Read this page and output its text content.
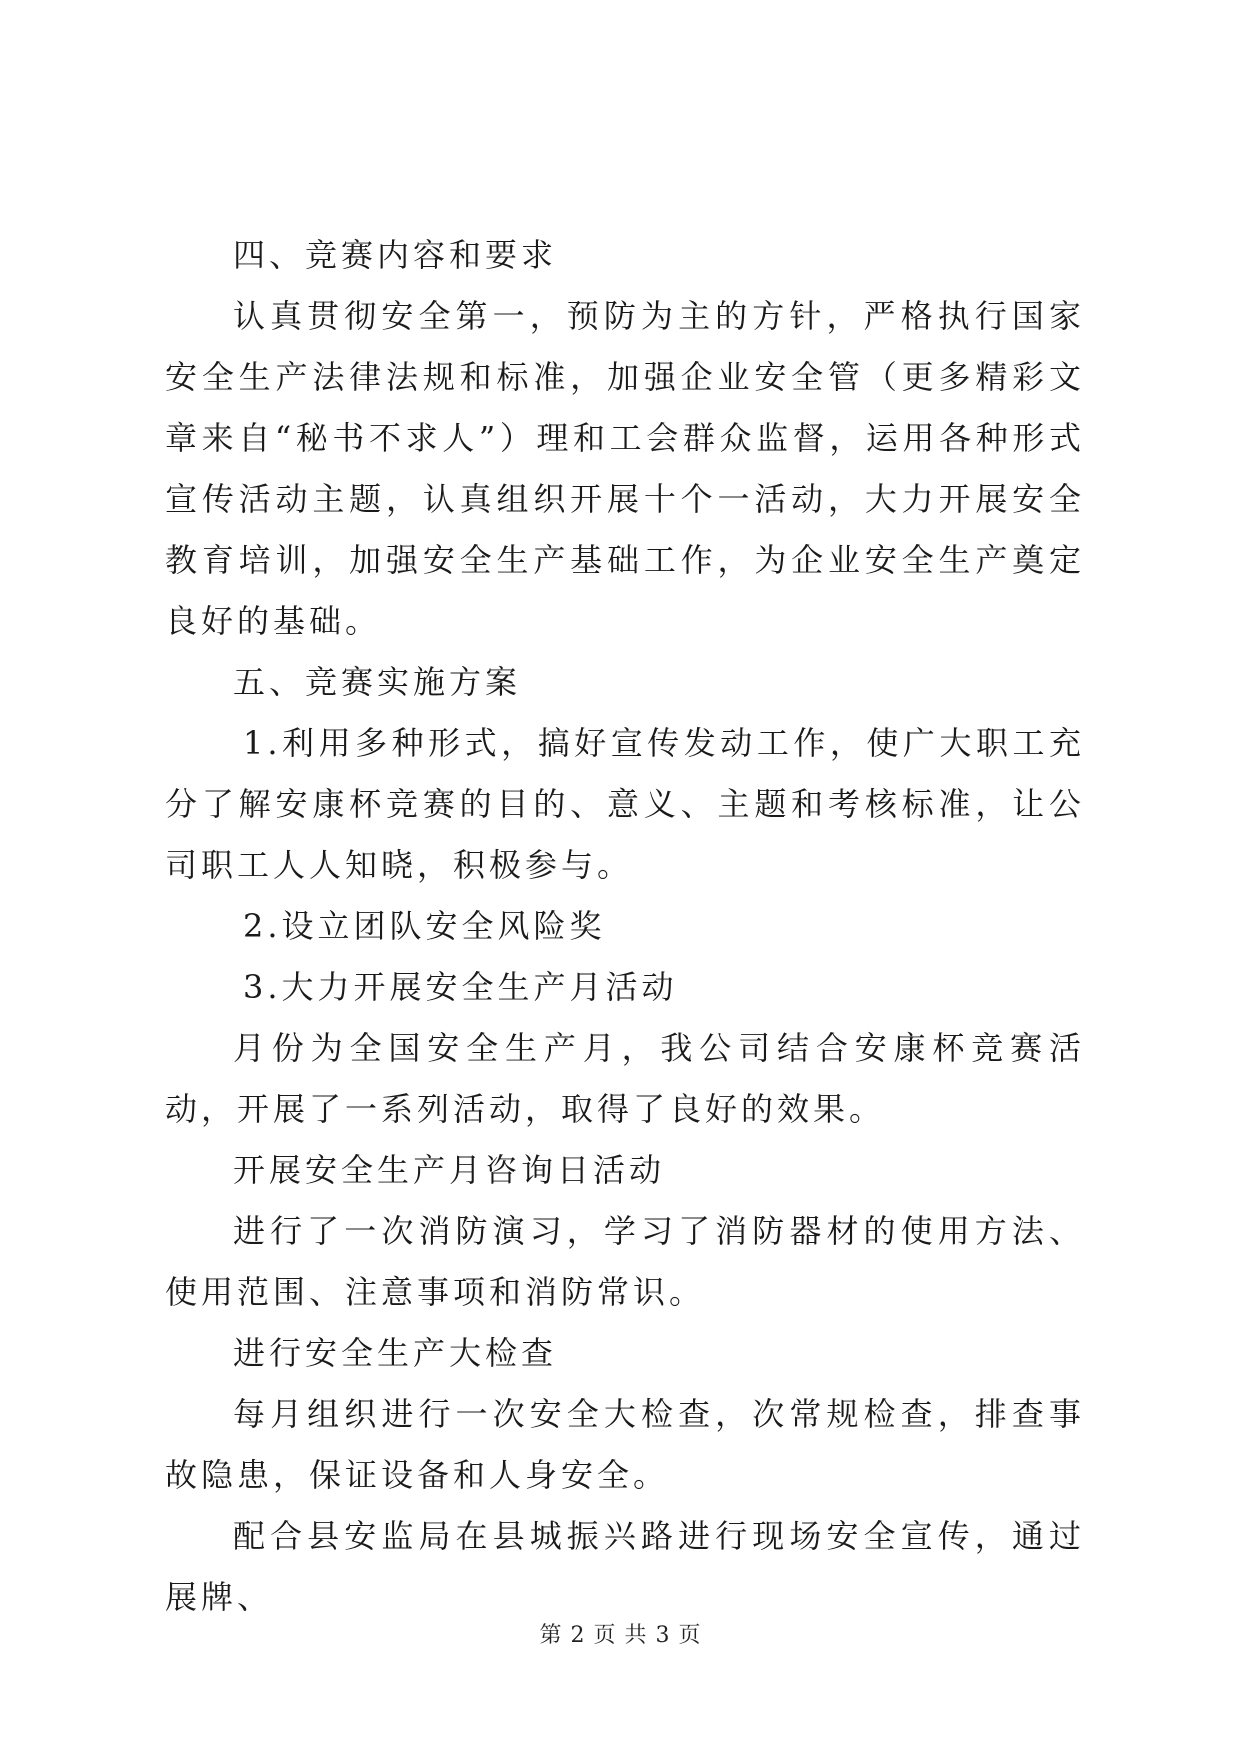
四、竞赛内容和要求

认真贯彻安全第一，预防为主的方针，严格执行国家安全生产法律法规和标准，加强企业安全管（更多精彩文章来自“秘书不求人”）理和工会群众监督，运用各种形式宣传活动主题，认真组织开展十个一活动，大力开展安全教育培训，加强安全生产基础工作，为企业安全生产奠定良好的基础。

五、竞赛实施方案

1.利用多种形式，搞好宣传发动工作，使广大职工充分了解安康杯竞赛的目的、意义、主题和考核标准，让公司职工人人知晓，积极参与。

2.设立团队安全风险奖

3.大力开展安全生产月活动

月份为全国安全生产月，我公司结合安康杯竞赛活动，开展了一系列活动，取得了良好的效果。

开展安全生产月咨询日活动

进行了一次消防演习，学习了消防器材的使用方法、使用范围、注意事项和消防常识。

进行安全生产大检查

每月组织进行一次安全大检查，次常规检查，排查事故隐患，保证设备和人身安全。

配合县安监局在县城振兴路进行现场安全宣传，通过展牌、

第 2 页 共 3 页
